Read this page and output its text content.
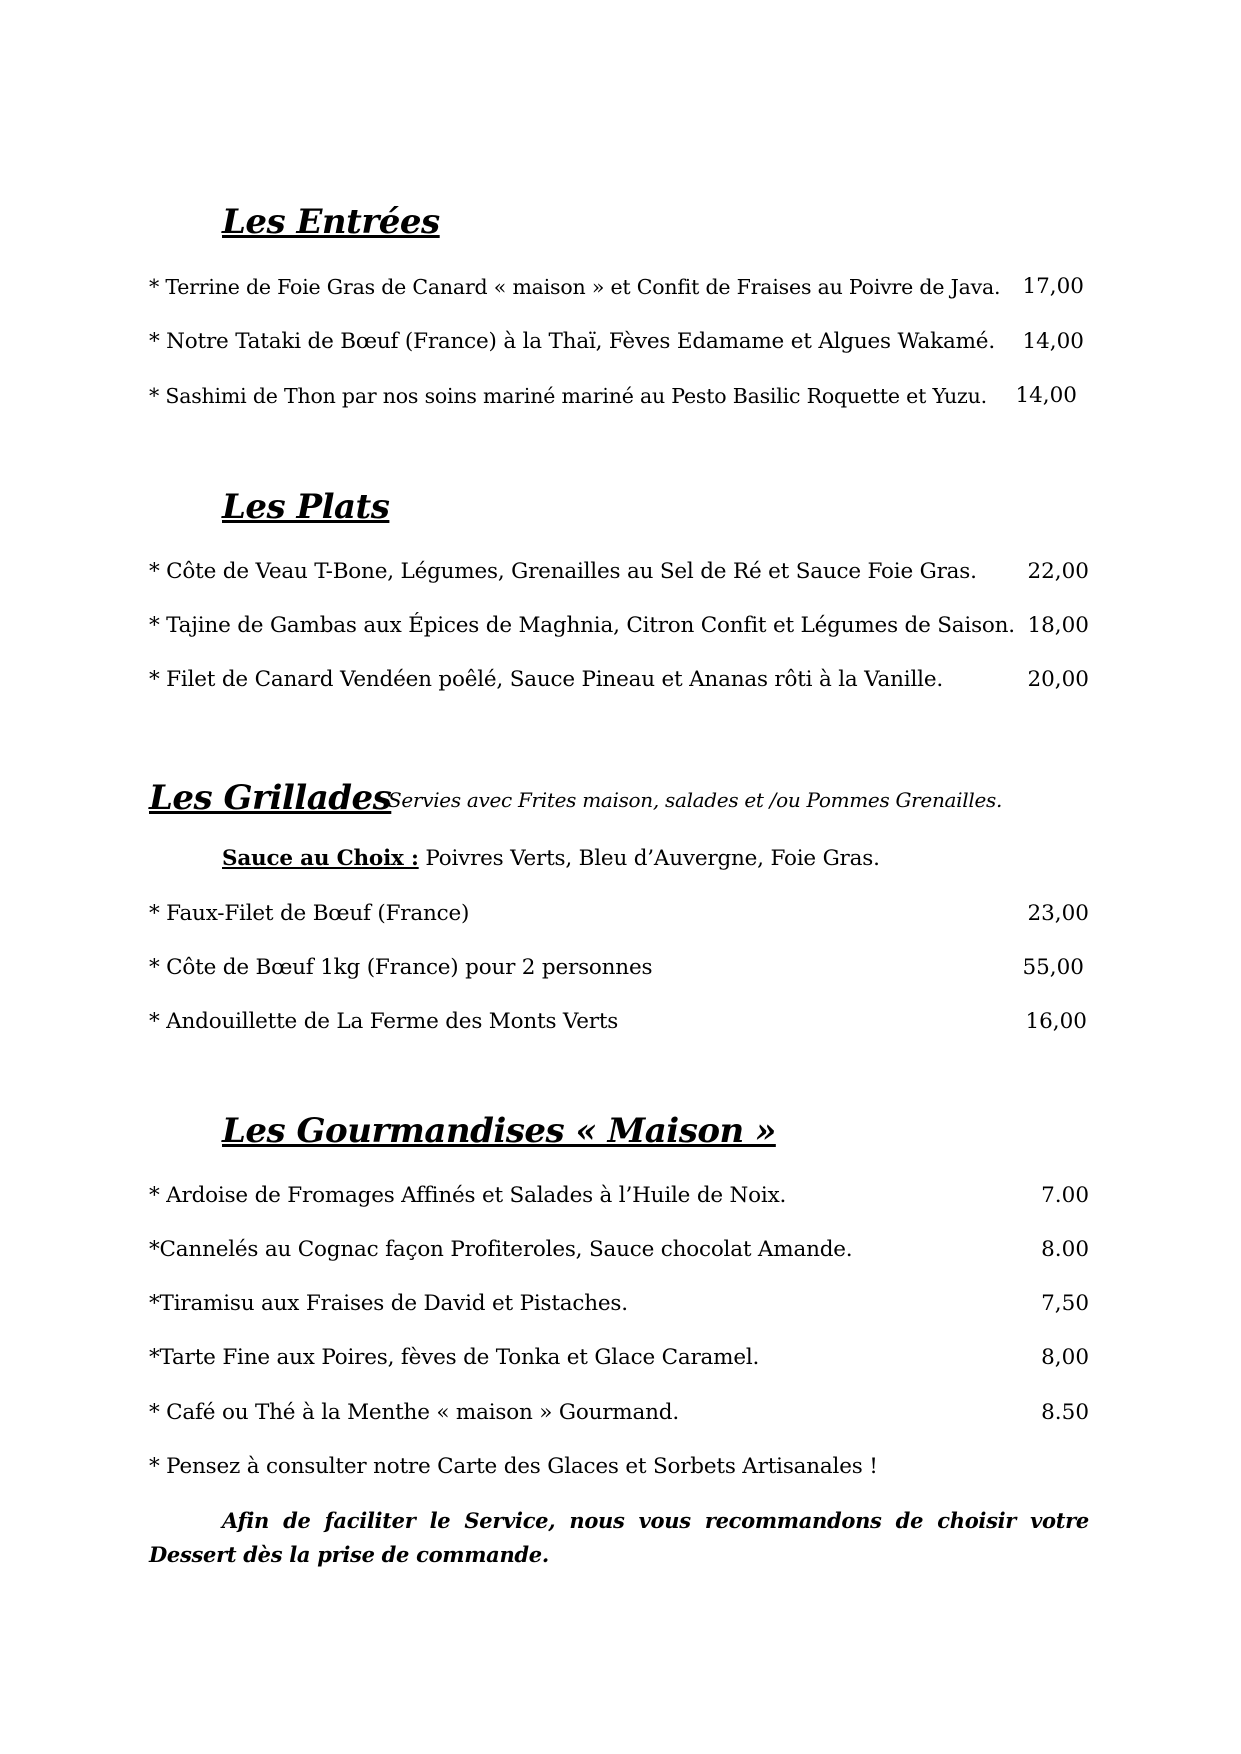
Les Entrées
* Terrine de Foie Gras de Canard « maison » et Confit de Fraises au Poivre de Java. 17,00
* Notre Tataki de Bœuf (France) à la Thaï, Fèves Edamame et Algues Wakamé. 14,00
* Sashimi de Thon par nos soins mariné mariné au Pesto Basilic Roquette et Yuzu. 14,00
Les Plats
* Côte de Veau T-Bone, Légumes, Grenailles au Sel de Ré et Sauce Foie Gras. 22,00
* Tajine de Gambas aux Épices de Maghnia, Citron Confit et Légumes de Saison. 18,00
* Filet de Canard Vendéen poêlé, Sauce Pineau et Ananas rôti à la Vanille.	20,00
Les Grillades
Servies avec Frites maison, salades et /ou Pommes Grenailles.
Sauce au Choix : Poivres Verts, Bleu d’Auvergne, Foie Gras.
* Faux-Filet de Bœuf (France)	23,00
* Côte de Bœuf 1kg (France) pour 2 personnes	55,00
* Andouillette de La Ferme des Monts Verts	16,00
Les Gourmandises « Maison »
* Ardoise de Fromages Affinés et Salades à l’Huile de Noix.	7.00
*Cannelés au Cognac façon Profiteroles, Sauce chocolat Amande.	8.00
*Tiramisu aux Fraises de David et Pistaches.	7,50
*Tarte Fine aux Poires, fèves de Tonka et Glace Caramel.	8,00
* Café ou Thé à la Menthe « maison » Gourmand.	8.50
* Pensez à consulter notre Carte des Glaces et Sorbets Artisanales !
Afin de faciliter le Service, nous vous recommandons de choisir votre Dessert dès la prise de commande.
